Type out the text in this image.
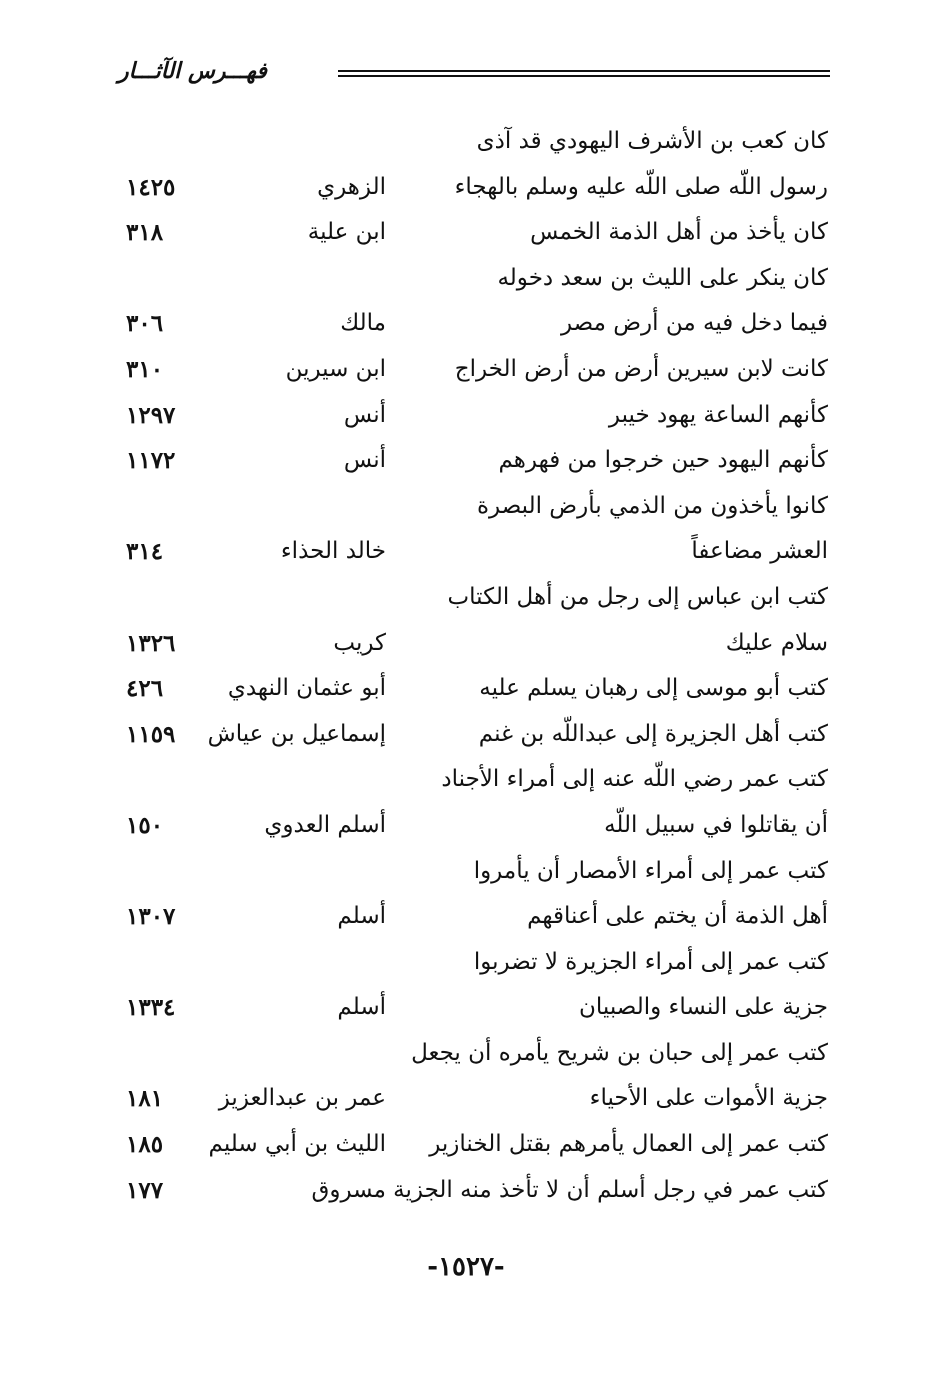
فهـــرس الآثـــار
كان كعب بن الأشرف اليهودي قد آذى
رسول اللّه صلى اللّه عليه وسلم بالهجاء
الزهري
١٤٢٥
كان يأخذ من أهل الذمة الخمس
ابن علية
٣١٨
كان ينكر على الليث بن سعد دخوله
فيما دخل فيه من أرض مصر
مالك
٣٠٦
كانت لابن سيرين أرض من أرض الخراج
ابن سيرين
٣١٠
كأنهم الساعة يهود خيبر
أنس
١٢٩٧
كأنهم اليهود حين خرجوا من فهرهم
أنس
١١٧٢
كانوا يأخذون من الذمي بأرض البصرة
العشر مضاعفاً
خالد الحذاء
٣١٤
كتب ابن عباس إلى رجل من أهل الكتاب
سلام عليك
كريب
١٣٢٦
كتب أبو موسى إلى رهبان يسلم عليه
أبو عثمان النهدي
٤٢٦
كتب أهل الجزيرة إلى عبداللّه بن غنم
إسماعيل بن عياش
١١٥٩
كتب عمر رضي اللّه عنه إلى أمراء الأجناد
أن يقاتلوا في سبيل اللّه
أسلم العدوي
١٥٠
كتب عمر إلى أمراء الأمصار أن يأمروا
أهل الذمة أن يختم على أعناقهم
أسلم
١٣٠٧
كتب عمر إلى أمراء الجزيرة لا تضربوا
جزية على النساء والصبيان
أسلم
١٣٣٤
كتب عمر إلى حبان بن شريح يأمره أن يجعل
جزية الأموات على الأحياء
عمر بن عبدالعزيز
١٨١
كتب عمر إلى العمال يأمرهم بقتل الخنازير
الليث بن أبي سليم
١٨٥
كتب عمر في رجل أسلم أن لا تأخذ منه الجزية
مسروق
١٧٧
-١٥٢٧-
